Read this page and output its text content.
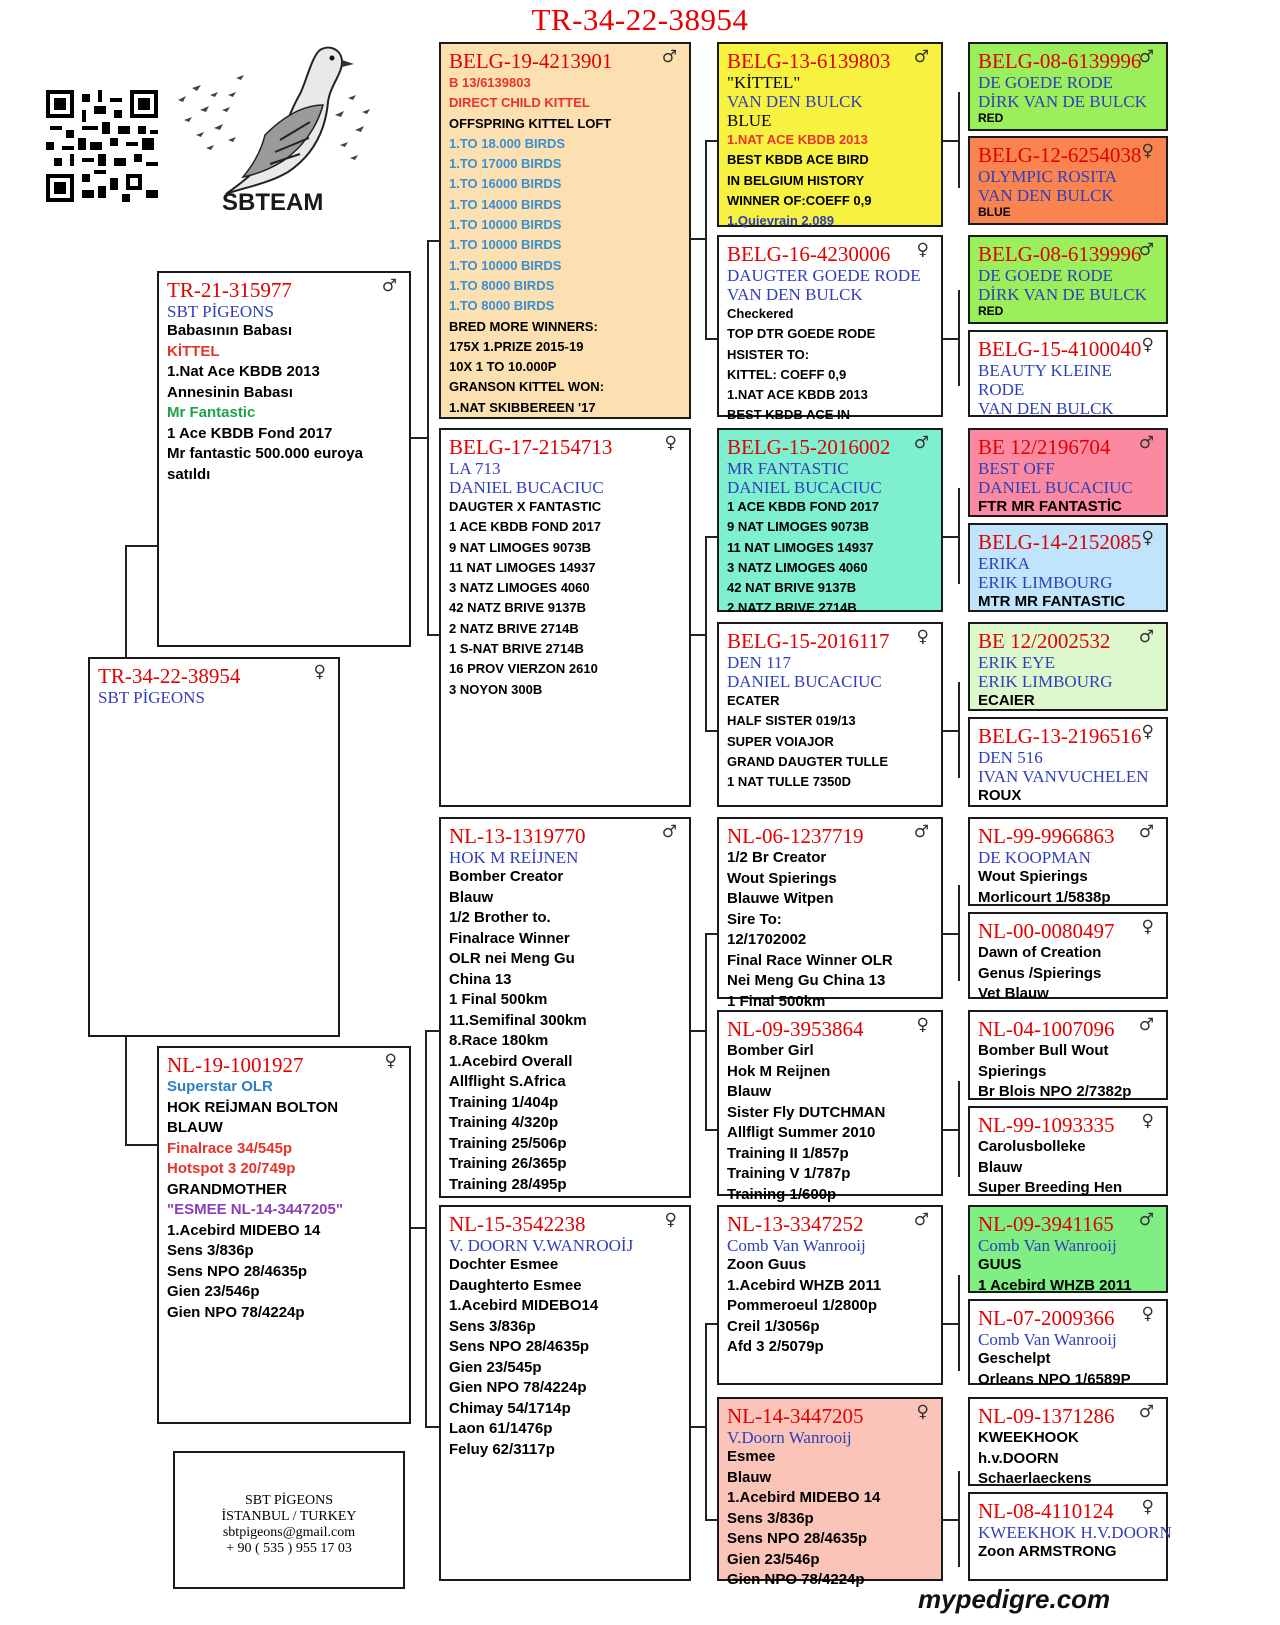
TR-34-22-38954
SBTEAM
♀
TR-34-22-38954
SBT PİGEONS
♂
TR-21-315977
SBT PİGEONS
Babasının Babası
KİTTEL
1.Nat Ace KBDB 2013
Annesinin Babası
Mr Fantastic
1 Ace KBDB Fond 2017
Mr fantastic 500.000 euroya
satıldı
♀
NL-19-1001927
Superstar OLR
HOK REİJMAN BOLTON
BLAUW
Finalrace 34/545p
Hotspot 3 20/749p
GRANDMOTHER
"ESMEE NL-14-3447205"
1.Acebird MIDEBO 14
Sens 3/836p
Sens NPO 28/4635p
Gien 23/546p
Gien NPO 78/4224p
♂
BELG-19-4213901
B 13/6139803
DIRECT CHILD KITTEL
OFFSPRING KITTEL LOFT
1.TO 18.000 BIRDS
1.TO 17000 BIRDS
1.TO 16000 BIRDS
1.TO 14000 BIRDS
1.TO 10000 BIRDS
1.TO 10000 BIRDS
1.TO 10000 BIRDS
1.TO 8000 BIRDS
1.TO 8000 BIRDS
BRED MORE WINNERS:
175X 1.PRIZE 2015-19
10X 1 TO 10.000P
GRANSON KITTEL WON:
1.NAT SKIBBEREEN '17
♀
BELG-17-2154713
LA 713
DANIEL BUCACIUC
DAUGTER X FANTASTIC
1 ACE KBDB FOND 2017
9 NAT LIMOGES 9073B
11 NAT LIMOGES 14937
3 NATZ LIMOGES 4060
42 NATZ BRIVE 9137B
2 NATZ BRIVE 2714B
1 S-NAT BRIVE 2714B
16 PROV VIERZON 2610
3 NOYON 300B
♂
NL-13-1319770
HOK M REİJNEN
Bomber Creator
Blauw
1/2 Brother to.
Finalrace Winner
OLR nei Meng Gu
China 13
1 Final 500km
11.Semifinal 300km
8.Race 180km
1.Acebird Overall
Allflight S.Africa
Training 1/404p
Training 4/320p
Training 25/506p
Training 26/365p
Training 28/495p
♀
NL-15-3542238
V. DOORN V.WANROOİJ
Dochter Esmee
Daughterto Esmee
1.Acebird MIDEBO14
Sens 3/836p
Sens NPO 28/4635p
Gien 23/545p
Gien NPO 78/4224p
Chimay 54/1714p
Laon 61/1476p
Feluy 62/3117p
♂
BELG-13-6139803
"KİTTEL"
VAN DEN BULCK
BLUE
1.NAT ACE KBDB 2013
BEST KBDB ACE BIRD
IN BELGIUM HISTORY
WINNER OF:COEFF 0,9
1.Quievrain 2.089
♀
BELG-16-4230006
DAUGTER GOEDE RODE
VAN DEN BULCK
Checkered
TOP DTR GOEDE RODE
HSISTER TO:
KITTEL: COEFF 0,9
1.NAT ACE KBDB 2013
BEST KBDB ACE IN
♂
BELG-15-2016002
MR FANTASTIC
DANIEL BUCACIUC
1 ACE KBDB FOND 2017
9 NAT LIMOGES 9073B
11 NAT LIMOGES 14937
3 NATZ LIMOGES 4060
42 NAT BRIVE 9137B
2 NATZ BRIVE 2714B
♀
BELG-15-2016117
DEN 117
DANIEL BUCACIUC
ECATER
HALF SISTER 019/13
SUPER VOIAJOR
GRAND DAUGTER TULLE
1 NAT TULLE 7350D
♂
NL-06-1237719
1/2 Br Creator
Wout Spierings
Blauwe Witpen
Sire To:
12/1702002
Final Race Winner OLR
Nei Meng Gu China 13
1 Final 500km
♀
NL-09-3953864
Bomber Girl
Hok M Reijnen
Blauw
Sister Fly DUTCHMAN
Allfligt Summer 2010
Training II 1/857p
Training V 1/787p
Training 1/600p
♂
NL-13-3347252
Comb Van Wanrooij
Zoon Guus
1.Acebird WHZB 2011
Pommeroeul 1/2800p
Creil 1/3056p
Afd 3 2/5079p
♀
NL-14-3447205
V.Doorn Wanrooij
Esmee
Blauw
1.Acebird MIDEBO 14
Sens 3/836p
Sens NPO 28/4635p
Gien 23/546p
Gien NPO 78/4224p
♂
BELG-08-6139996
DE GOEDE RODE
DİRK VAN DE BULCK
RED
♀
BELG-12-6254038
OLYMPIC ROSITA
VAN DEN BULCK
BLUE
♂
BELG-08-6139996
DE GOEDE RODE
DİRK VAN DE BULCK
RED
♀
BELG-15-4100040
BEAUTY KLEINE
RODE
VAN DEN BULCK
♂
BE 12/2196704
BEST OFF
DANIEL BUCACIUC
FTR MR FANTASTİC
♀
BELG-14-2152085
ERIKA
ERIK LIMBOURG
MTR MR FANTASTIC
♂
BE 12/2002532
ERIK EYE
ERIK LIMBOURG
ECAIER
♀
BELG-13-2196516
DEN 516
IVAN VANVUCHELEN
ROUX
♂
NL-99-9966863
DE KOOPMAN
Wout Spierings
Morlicourt 1/5838p
♀
NL-00-0080497
Dawn of Creation
Genus /Spierings
Vet Blauw
♂
NL-04-1007096
Bomber Bull Wout
Spierings
Br Blois NPO 2/7382p
♀
NL-99-1093335
Carolusbolleke
Blauw
Super Breeding Hen
♂
NL-09-3941165
Comb Van Wanrooij
GUUS
1 Acebird WHZB 2011
♀
NL-07-2009366
Comb Van Wanrooij
Geschelpt
Orleans NPO 1/6589P
♂
NL-09-1371286
KWEEKHOOK
h.v.DOORN
Schaerlaeckens
♀
NL-08-4110124
KWEEKHOK H.V.DOORN
Zoon ARMSTRONG
SBT PİGEONS
İSTANBUL / TURKEY
sbtpigeons@gmail.com
+ 90 ( 535 ) 955 17 03
mypedigre.com
